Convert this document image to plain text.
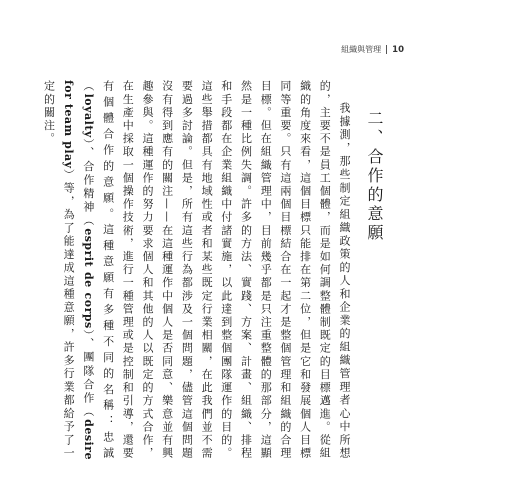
組織與管理 10
二、合作的意願

我據測，那些制定組織政策的人和企業的組織管理者心中所想的，主要不是員工個體，而是如何調整體制既定的目標邁進。從組織的角度來看，這個目標只能排在第二位，但是它和發展個人目標同等重要。只有這兩個目標結合在一起才是整個管理和組織的合理目標。但在組織管理中，目前幾乎都是只注重整體的那部分，這顯然是一種比例失調。許多的方法、實踐、方案、計畫、組織、排程和手段都在企業組織中付諸實施，以此達到整個團隊運作的目的。這些舉措都具有地域性或者和某些既定行業相關，在此我們並不需要過多討論。但是，所有這些行為都涉及一個問題，儘管這個問題沒有得到應有的關注——在這種運作中個人是否同意、樂意並有興趣參與。這種運作的努力要求個人和其他的人以既定的方式合作，在生產中採取一個操作技術，進行一種管理或是控制和引導，還要有個體合作的意願。這種意願有多種不同的名稱：忠誠（loyalty）、合作精神（esprit de corps）、團隊合作（desire for team play）等，為了能達成這種意願，許多行業都給予了一定的關注。
